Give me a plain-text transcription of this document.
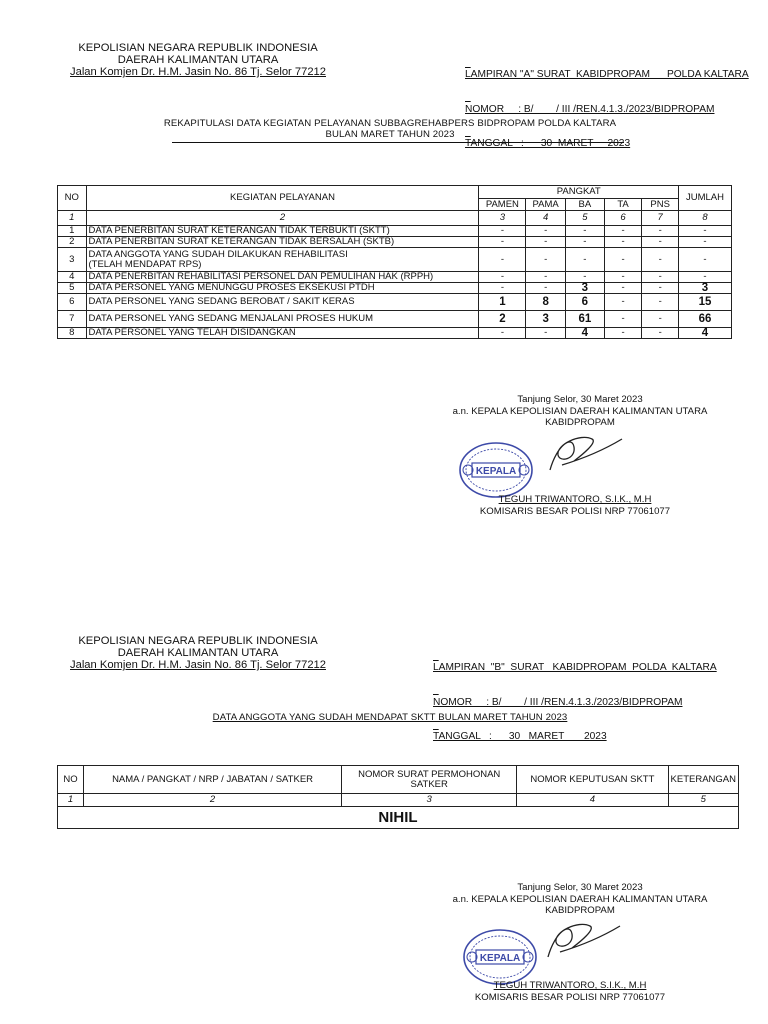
KEPOLISIAN NEGARA REPUBLIK INDONESIA
DAERAH KALIMANTAN UTARA
Jalan Komjen Dr. H.M. Jasin No. 86 Tj. Selor 77212

	LAMPIRAN "A" SURAT  KABIDPROPAM      POLDA KALTARA

NOMOR     : B/        / III /REN.4.1.3./2023/BIDPROPAM

TANGGAL   :      30  MARET     2023

REKAPITULASI DATA KEGIATAN PELAYANAN SUBBAGREHABPERS BIDPROPAM POLDA KALTARA
BULAN MARET TAHUN 2023
NO	KEGIATAN PELAYANAN	PANGKAT					JUMLAH
		PAMEN	PAMA	BA	TA	PNS	
1	2	3	4	5	6	7	8
1	DATA PENERBITAN SURAT KETERANGAN TIDAK TERBUKTI (SKTT)	-	-	-	-	-	-
2	DATA PENERBITAN SURAT KETERANGAN TIDAK BERSALAH (SKTB)	-	-	-	-	-	-
3	DATA ANGGOTA YANG SUDAH DILAKUKAN REHABILITASI
(TELAH MENDAPAT RPS)	-	-	-	-	-	-
4	DATA PENERBITAN REHABILITASI PERSONEL DAN PEMULIHAN HAK (RPPH)	-	-	-	-	-	-
5	DATA PERSONEL YANG MENUNGGU PROSES EKSEKUSI PTDH	-	-	3	-	-	3
6	DATA PERSONEL YANG SEDANG BEROBAT / SAKIT KERAS	1	8	6	-	-	15
7	DATA PERSONEL YANG SEDANG MENJALANI PROSES HUKUM	2	3	61	-	-	66
8	DATA PERSONEL YANG TELAH DISIDANGKAN	-	-	4	-	-	4
Tanjung Selor, 30 Maret 2023
a.n. KEPALA KEPOLISIAN DAERAH KALIMANTAN UTARA
KABIDPROPAM
KEPALA
TEGUH TRIWANTORO, S.I.K., M.H
KOMISARIS BESAR POLISI NRP 77061077
KEPOLISIAN NEGARA REPUBLIK INDONESIA
DAERAH KALIMANTAN UTARA
Jalan Komjen Dr. H.M. Jasin No. 86 Tj. Selor 77212

	LAMPIRAN  "B"  SURAT   KABIDPROPAM  POLDA  KALTARA

NOMOR     : B/        / III /REN.4.1.3./2023/BIDPROPAM

TANGGAL   :      30   MARET       2023

DATA ANGGOTA YANG SUDAH MENDAPAT SKTT BULAN MARET TAHUN 2023
NO	NAMA / PANGKAT / NRP / JABATAN / SATKER	NOMOR SURAT PERMOHONAN
SATKER	NOMOR KEPUTUSAN SKTT	KETERANGAN
1	2	3	4	5
NIHIL				
Tanjung Selor, 30 Maret 2023
a.n. KEPALA KEPOLISIAN DAERAH KALIMANTAN UTARA
KABIDPROPAM
KEPALA
TEGUH TRIWANTORO, S.I.K., M.H
KOMISARIS BESAR POLISI NRP 77061077
